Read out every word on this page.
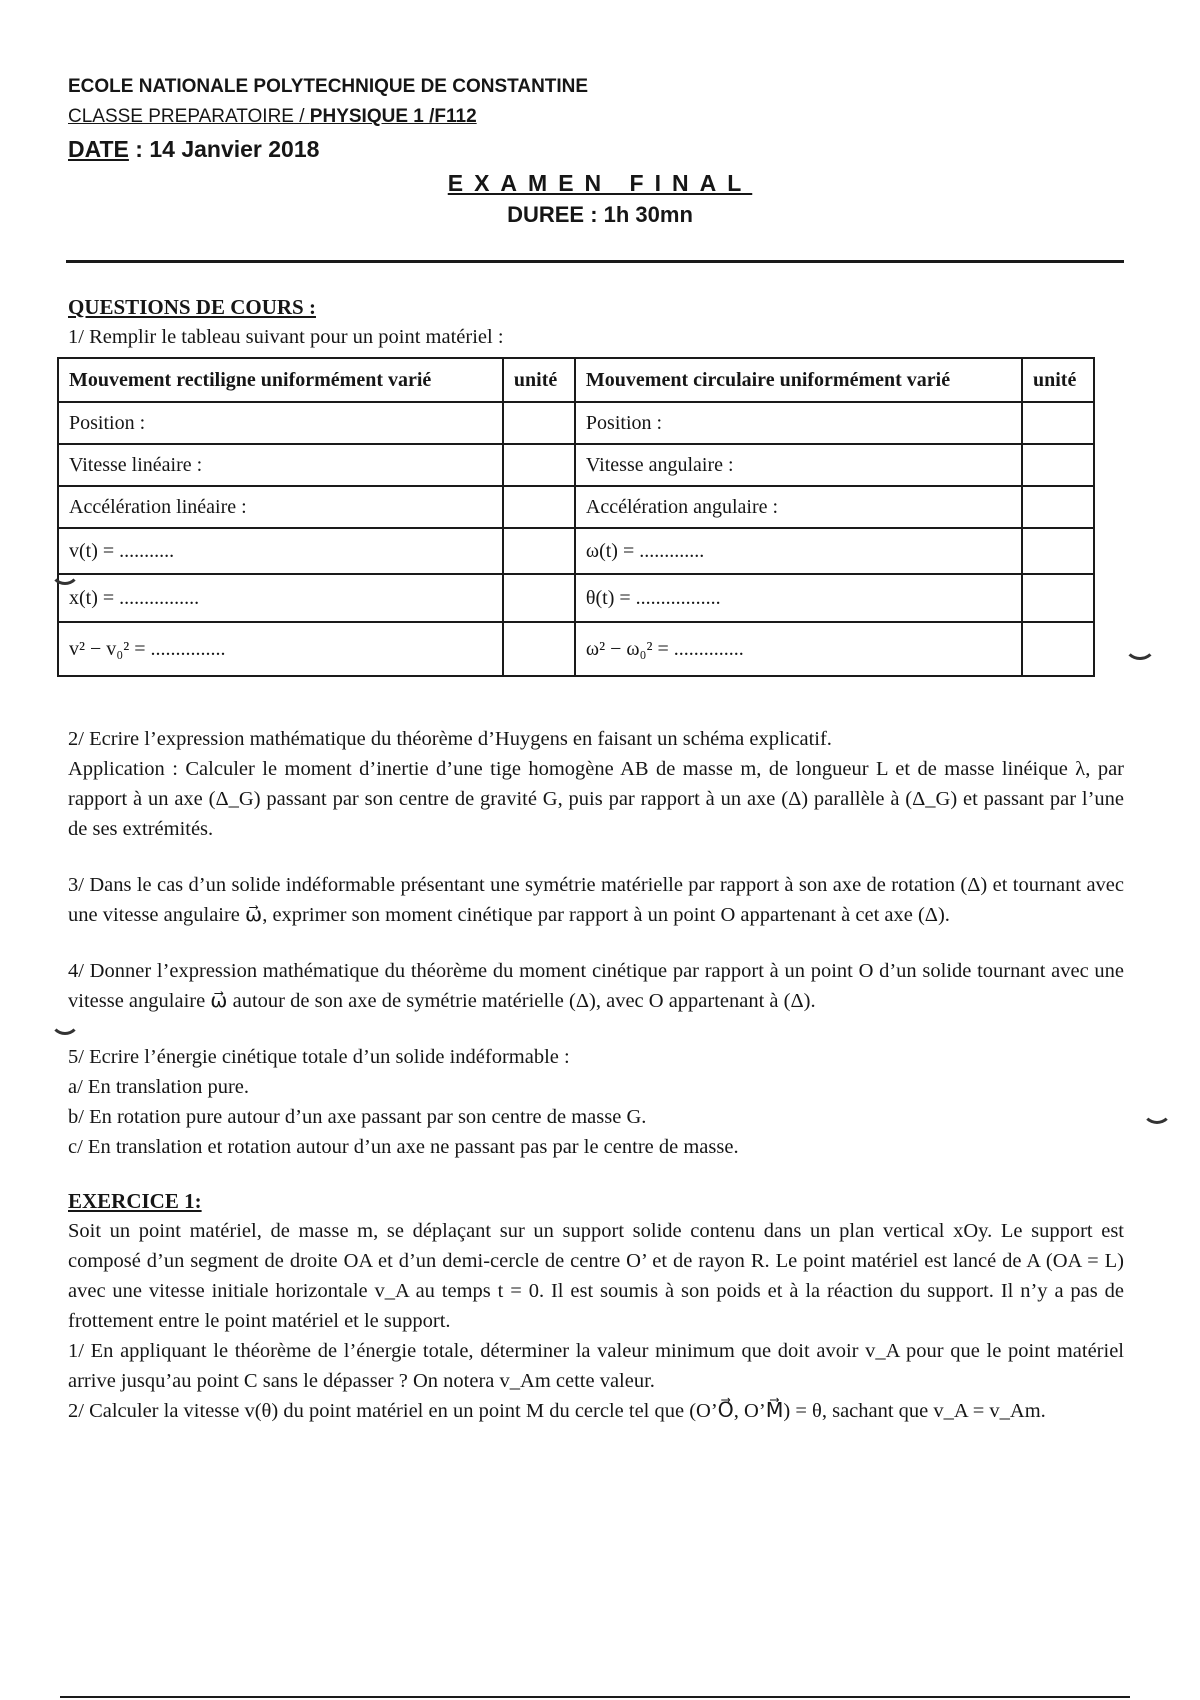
ECOLE NATIONALE POLYTECHNIQUE DE CONSTANTINE
CLASSE PREPARATOIRE / PHYSIQUE 1 /F112
DATE : 14 Janvier 2018
EXAMEN FINAL
DUREE : 1h 30mn

QUESTIONS DE COURS :

1/ Remplir le tableau suivant pour un point matériel :

Mouvement rectiligne uniformément varié	unité	Mouvement circulaire uniformément varié	unité
Position :		Position :	
Vitesse linéaire :		Vitesse angulaire :	
Accélération linéaire :		Accélération angulaire :	
v(t) = ...........		ω(t) = .............	
x(t) = ................		θ(t) = .................	
v² − v₀² = ...............		ω² − ω₀² = ..............	

2/ Ecrire l’expression mathématique du théorème d’Huygens en faisant un schéma explicatif.

Application : Calculer le moment d’inertie d’une tige homogène AB de masse m, de longueur L et de masse linéique λ, par rapport à un axe (Δ_G) passant par son centre de gravité G, puis par rapport à un axe (Δ) parallèle à (Δ_G) et passant par l’une de ses extrémités.

3/ Dans le cas d’un solide indéformable présentant une symétrie matérielle par rapport à son axe de rotation (Δ) et tournant avec une vitesse angulaire ω⃗, exprimer son moment cinétique par rapport à un point O appartenant à cet axe (Δ).

4/ Donner l’expression mathématique du théorème du moment cinétique par rapport à un point O d’un solide tournant avec une vitesse angulaire ω⃗ autour de son axe de symétrie matérielle (Δ), avec O appartenant à (Δ).

5/ Ecrire l’énergie cinétique totale d’un solide indéformable :

a/ En translation pure.

b/ En rotation pure autour d’un axe passant par son centre de masse G.

c/ En translation et rotation autour d’un axe ne passant pas par le centre de masse.

EXERCICE 1:

Soit un point matériel, de masse m, se déplaçant sur un support solide contenu dans un plan vertical xOy. Le support est composé d’un segment de droite OA et d’un demi-cercle de centre O’ et de rayon R. Le point matériel est lancé de A (OA = L) avec une vitesse initiale horizontale v_A au temps t = 0. Il est soumis à son poids et à la réaction du support. Il n’y a pas de frottement entre le point matériel et le support.

1/ En appliquant le théorème de l’énergie totale, déterminer la valeur minimum que doit avoir v_A pour que le point matériel arrive jusqu’au point C sans le dépasser ? On notera v_Am cette valeur.

2/ Calculer la vitesse v(θ) du point matériel en un point M du cercle tel que (O’O⃗, O’M⃗) = θ, sachant que v_A = v_Am.
